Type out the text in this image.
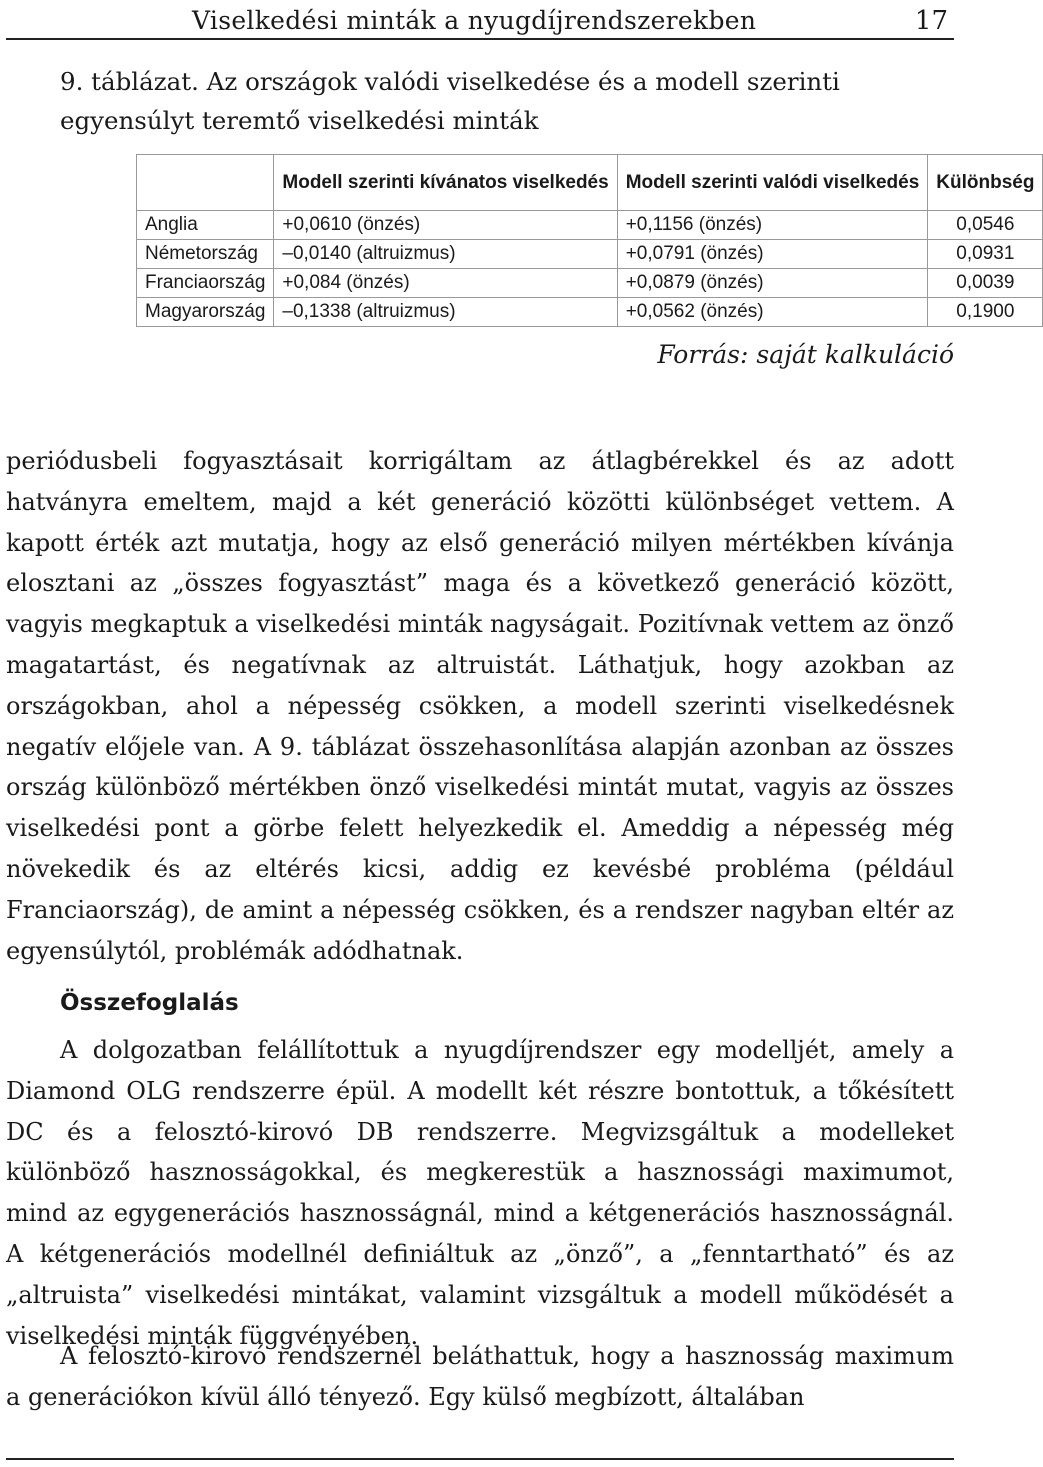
Viselkedési minták a nyugdíjrendszerekben	17
9. táblázat. Az országok valódi viselkedése és a modell szerinti egyensúlyt teremtő viselkedési minták
	Modell szerinti kívánatos viselkedés	Modell szerinti valódi viselkedés	Különbség
Anglia	+0,0610 (önzés)	+0,1156 (önzés)	0,0546
Németország	–0,0140 (altruizmus)	+0,0791 (önzés)	0,0931
Franciaország	+0,084 (önzés)	+0,0879 (önzés)	0,0039
Magyarország	–0,1338 (altruizmus)	+0,0562 (önzés)	0,1900
Forrás: saját kalkuláció

periódusbeli fogyasztásait korrigáltam az átlagbérekkel és az adott hatványra emeltem, majd a két generáció közötti különbséget vettem. A kapott érték azt mutatja, hogy az első generáció milyen mértékben kívánja elosztani az „összes fogyasztást” maga és a következő generáció között, vagyis megkaptuk a viselkedési minták nagyságait. Pozitívnak vettem az önző magatartást, és negatívnak az altruistát. Láthatjuk, hogy azokban az országokban, ahol a népesség csökken, a modell szerinti viselkedésnek negatív előjele van. A 9. táblázat összehasonlítása alapján azonban az összes ország különböző mértékben önző viselkedési mintát mutat, vagyis az összes viselkedési pont a görbe felett helyezkedik el. Ameddig a népesség még növekedik és az eltérés kicsi, addig ez kevésbé probléma (például Franciaország), de amint a népesség csökken, és a rendszer nagyban eltér az egyensúlytól, problémák adódhatnak.

Összefoglalás

A dolgozatban felállítottuk a nyugdíjrendszer egy modelljét, amely a Diamond OLG rendszerre épül. A modellt két részre bontottuk, a tőkésített DC és a felosztó-kirovó DB rendszerre. Megvizsgáltuk a modelleket különböző hasznosságokkal, és megkerestük a hasznossági maximumot, mind az egygenerációs hasznosságnál, mind a kétgenerációs hasznosságnál. A kétgenerációs modellnél definiáltuk az „önző”, a „fenntartható” és az „altruista” viselkedési mintákat, valamint vizsgáltuk a modell működését a viselkedési minták függvényében.

A felosztó-kirovó rendszernél beláthattuk, hogy a hasznosság maximum a generációkon kívül álló tényező. Egy külső megbízott, általában
